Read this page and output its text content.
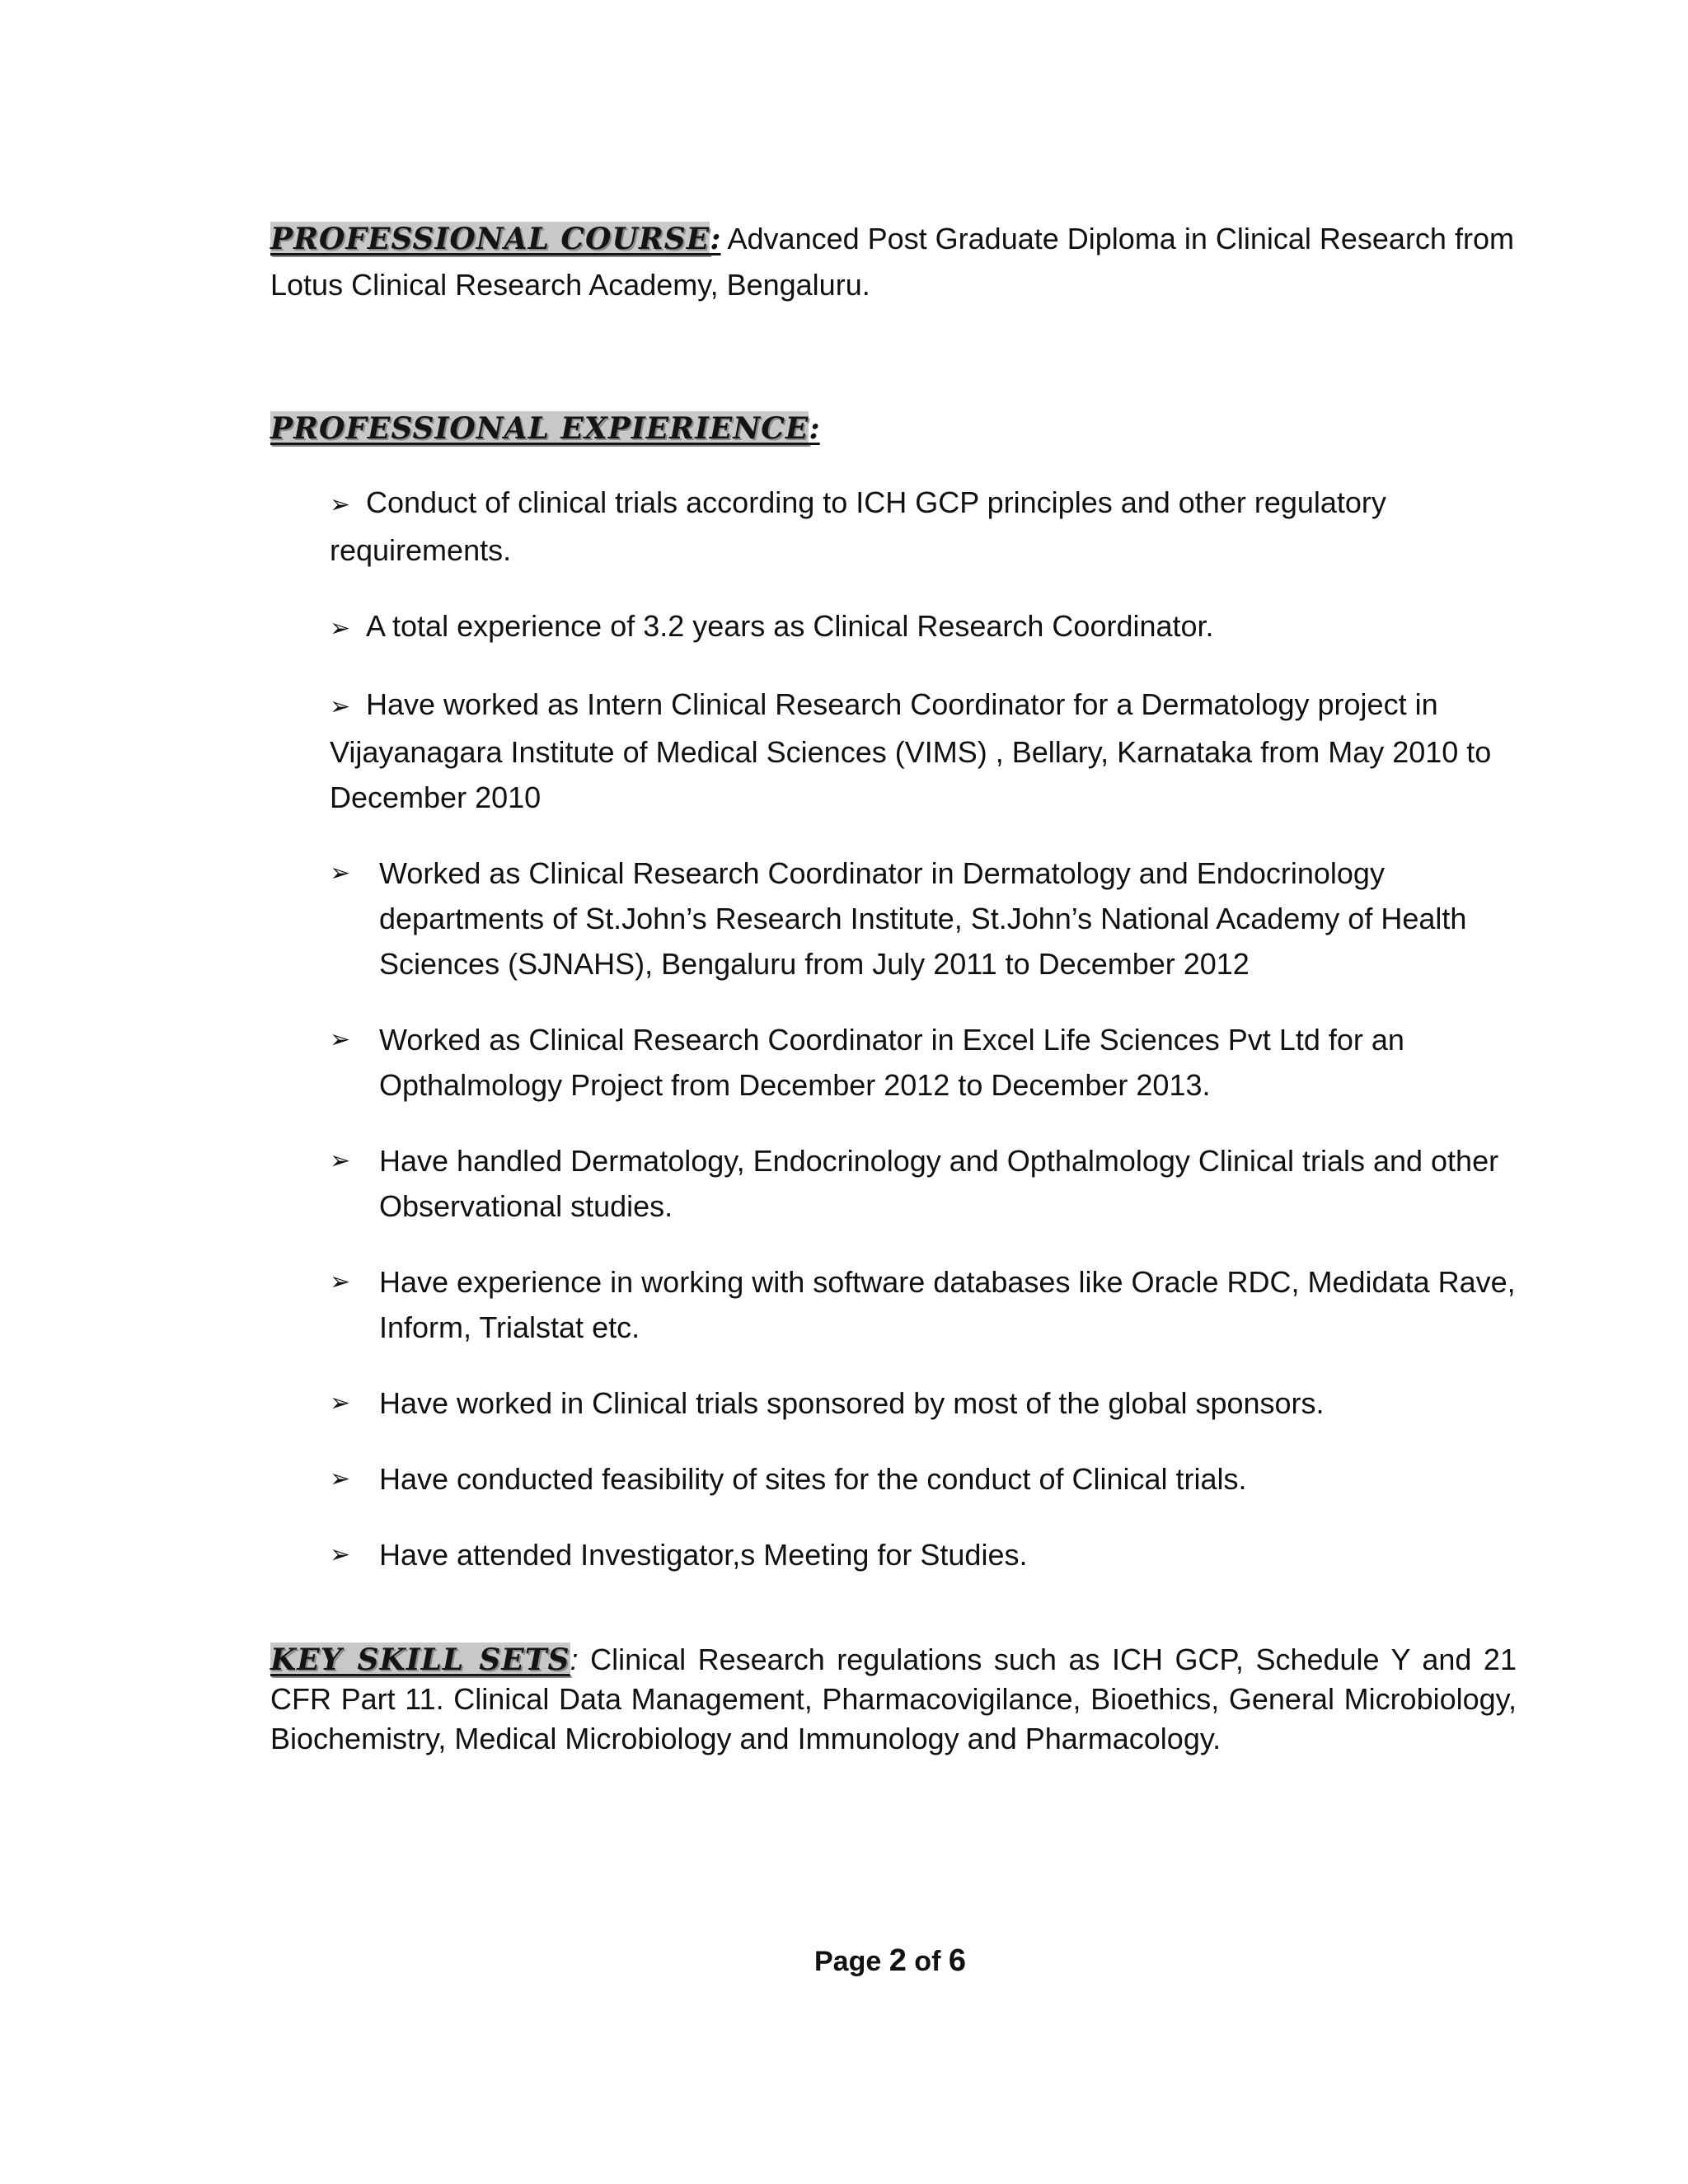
PROFESSIONAL COURSE: Advanced Post Graduate Diploma in Clinical Research from Lotus Clinical Research Academy, Bengaluru.
PROFESSIONAL EXPIERIENCE:
➢ Conduct of clinical trials according to ICH GCP principles and other regulatory requirements.
➢ A total experience of 3.2 years as Clinical Research Coordinator.
➢ Have worked as Intern Clinical Research Coordinator for a Dermatology project in Vijayanagara Institute of Medical Sciences (VIMS) , Bellary, Karnataka from May 2010 to December 2010
➢ Worked as Clinical Research Coordinator in Dermatology and Endocrinology departments of St.John’s Research Institute, St.John’s National Academy of Health Sciences (SJNAHS), Bengaluru from July 2011 to December 2012
➢ Worked as Clinical Research Coordinator in Excel Life Sciences Pvt Ltd for an Opthalmology Project from December 2012 to December 2013.
➢ Have handled Dermatology, Endocrinology and Opthalmology Clinical trials and other Observational studies.
➢ Have experience in working with software databases like Oracle RDC, Medidata Rave, Inform, Trialstat etc.
➢ Have worked in Clinical trials sponsored by most of the global sponsors.
➢ Have conducted feasibility of sites for the conduct of Clinical trials.
➢ Have attended Investigator,s Meeting for Studies.
KEY SKILL SETS: Clinical Research regulations such as ICH GCP, Schedule Y and 21 CFR Part 11. Clinical Data Management, Pharmacovigilance, Bioethics, General Microbiology, Biochemistry, Medical Microbiology and Immunology and Pharmacology.
Page 2 of 6
